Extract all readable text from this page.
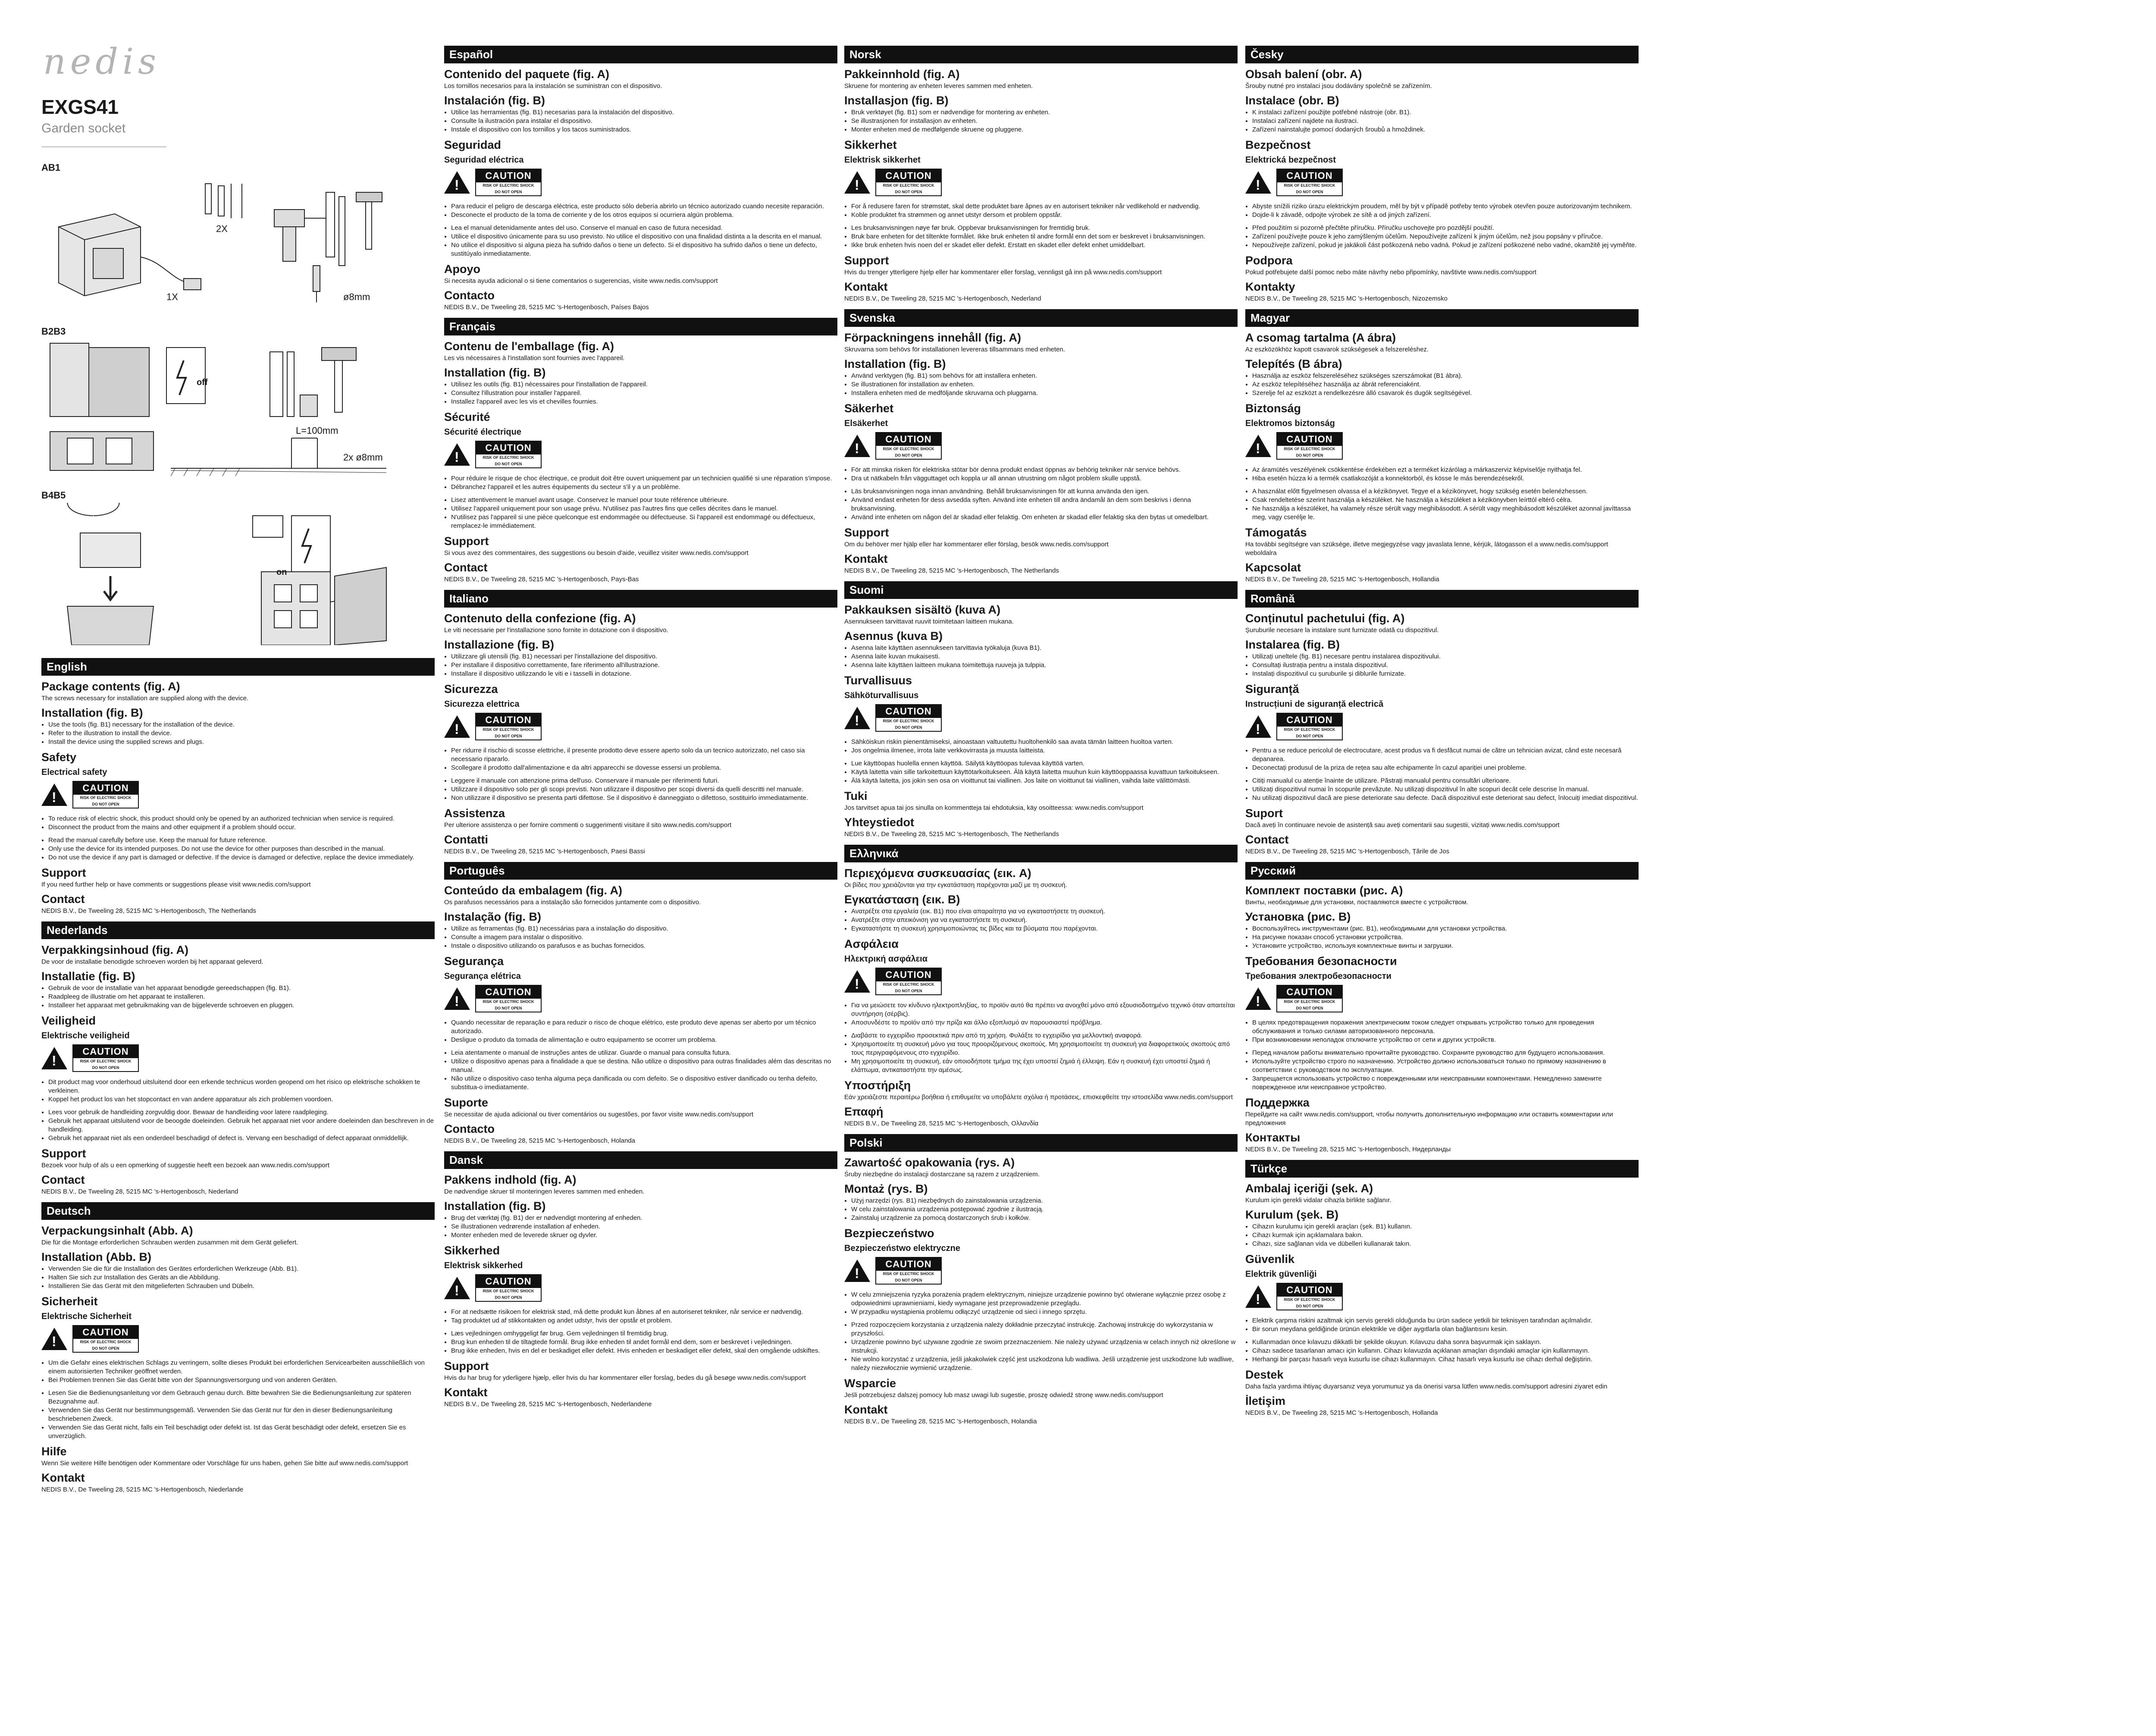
nedis
EXGS41
Garden socket
AB1
2X
1X	ø8mm
B2B3
off
L=100mm
2x ø8mm
B4B5
on
English
Package contents (fig. A)
The screws necessary for installation are supplied along with the device.
Installation (fig. B)
• Use the tools (fig. B1) necessary for the installation of the device.
• Refer to the illustration to install the device.
• Install the device using the supplied screws and plugs.
Safety
Electrical safety
!
CAUTION
RISK OF ELECTRIC SHOCK
DO NOT OPEN
• To reduce risk of electric shock, this product should only be opened by an authorized technician when service is required.
• Disconnect the product from the mains and other equipment if a problem should occur.
• Read the manual carefully before use. Keep the manual for future reference.
• Only use the device for its intended purposes. Do not use the device for other purposes than described in the manual.
• Do not use the device if any part is damaged or defective. If the device is damaged or defective, replace the device immediately.
Support
If you need further help or have comments or suggestions please visit www.nedis.com/support
Contact
NEDIS B.V., De Tweeling 28, 5215 MC 's-Hertogenbosch, The Netherlands
Nederlands
Verpakkingsinhoud (fig. A)
De voor de installatie benodigde schroeven worden bij het apparaat geleverd.
Installatie (fig. B)
• Gebruik de voor de installatie van het apparaat benodigde gereedschappen (fig. B1).
• Raadpleeg de illustratie om het apparaat te installeren.
• Installeer het apparaat met gebruikmaking van de bijgeleverde schroeven en pluggen.
Veiligheid
Elektrische veiligheid
!
CAUTION
RISK OF ELECTRIC SHOCK
DO NOT OPEN
• Dit product mag voor onderhoud uitsluitend door een erkende technicus worden geopend om het risico op elektrische schokken te verkleinen.
• Koppel het product los van het stopcontact en van andere apparatuur als zich problemen voordoen.
• Lees voor gebruik de handleiding zorgvuldig door. Bewaar de handleiding voor latere raadpleging.
• Gebruik het apparaat uitsluitend voor de beoogde doeleinden. Gebruik het apparaat niet voor andere doeleinden dan beschreven in de handleiding.
• Gebruik het apparaat niet als een onderdeel beschadigd of defect is. Vervang een beschadigd of defect apparaat onmiddellijk.
Support
Bezoek voor hulp of als u een opmerking of suggestie heeft een bezoek aan www.nedis.com/support
Contact
NEDIS B.V., De Tweeling 28, 5215 MC 's-Hertogenbosch, Nederland
Deutsch
Verpackungsinhalt (Abb. A)
Die für die Montage erforderlichen Schrauben werden zusammen mit dem Gerät geliefert.
Installation (Abb. B)
• Verwenden Sie die für die Installation des Gerätes erforderlichen Werkzeuge (Abb. B1).
• Halten Sie sich zur Installation des Geräts an die Abbildung.
• Installieren Sie das Gerät mit den mitgelieferten Schrauben und Dübeln.
Sicherheit
Elektrische Sicherheit
!
CAUTION
RISK OF ELECTRIC SHOCK
DO NOT OPEN
• Um die Gefahr eines elektrischen Schlags zu verringern, sollte dieses Produkt bei erforderlichen Servicearbeiten ausschließlich von einem autorisierten Techniker geöffnet werden.
• Bei Problemen trennen Sie das Gerät bitte von der Spannungsversorgung und von anderen Geräten.
• Lesen Sie die Bedienungsanleitung vor dem Gebrauch genau durch. Bitte bewahren Sie die Bedienungsanleitung zur späteren Bezugnahme auf.
• Verwenden Sie das Gerät nur bestimmungsgemäß. Verwenden Sie das Gerät nur für den in dieser Bedienungsanleitung beschriebenen Zweck.
• Verwenden Sie das Gerät nicht, falls ein Teil beschädigt oder defekt ist. Ist das Gerät beschädigt oder defekt, ersetzen Sie es unverzüglich.
Hilfe
Wenn Sie weitere Hilfe benötigen oder Kommentare oder Vorschläge für uns haben, gehen Sie bitte auf www.nedis.com/support
Kontakt
NEDIS B.V., De Tweeling 28, 5215 MC 's-Hertogenbosch, Niederlande
Español
Contenido del paquete (fig. A)
Los tornillos necesarios para la instalación se suministran con el dispositivo.
Instalación (fig. B)
• Utilice las herramientas (fig. B1) necesarias para la instalación del dispositivo.
• Consulte la ilustración para instalar el dispositivo.
• Instale el dispositivo con los tornillos y los tacos suministrados.
Seguridad
Seguridad eléctrica
!
CAUTION
RISK OF ELECTRIC SHOCK
DO NOT OPEN
• Para reducir el peligro de descarga eléctrica, este producto sólo debería abrirlo un técnico autorizado cuando necesite reparación.
• Desconecte el producto de la toma de corriente y de los otros equipos si ocurriera algún problema.
• Lea el manual detenidamente antes del uso. Conserve el manual en caso de futura necesidad.
• Utilice el dispositivo únicamente para su uso previsto. No utilice el dispositivo con una finalidad distinta a la descrita en el manual.
• No utilice el dispositivo si alguna pieza ha sufrido daños o tiene un defecto. Si el dispositivo ha sufrido daños o tiene un defecto, sustitúyalo inmediatamente.
Apoyo
Si necesita ayuda adicional o si tiene comentarios o sugerencias, visite www.nedis.com/support
Contacto
NEDIS B.V., De Tweeling 28, 5215 MC 's-Hertogenbosch, Países Bajos
Français
Contenu de l'emballage (fig. A)
Les vis nécessaires à l'installation sont fournies avec l'appareil.
Installation (fig. B)
• Utilisez les outils (fig. B1) nécessaires pour l'installation de l'appareil.
• Consultez l'illustration pour installer l'appareil.
• Installez l'appareil avec les vis et chevilles fournies.
Sécurité
Sécurité électrique
!
CAUTION
RISK OF ELECTRIC SHOCK
DO NOT OPEN
• Pour réduire le risque de choc électrique, ce produit doit être ouvert uniquement par un technicien qualifié si une réparation s'impose.
• Débranchez l'appareil et les autres équipements du secteur s'il y a un problème.
• Lisez attentivement le manuel avant usage. Conservez le manuel pour toute référence ultérieure.
• Utilisez l'appareil uniquement pour son usage prévu. N'utilisez pas l'autres fins que celles décrites dans le manuel.
• N'utilisez pas l'appareil si une pièce quelconque est endommagée ou défectueuse. Si l'appareil est endommagé ou défectueux, remplacez-le immédiatement.
Support
Si vous avez des commentaires, des suggestions ou besoin d'aide, veuillez visiter www.nedis.com/support
Contact
NEDIS B.V., De Tweeling 28, 5215 MC 's-Hertogenbosch, Pays-Bas
Italiano
Contenuto della confezione (fig. A)
Le viti necessarie per l'installazione sono fornite in dotazione con il dispositivo.
Installazione (fig. B)
• Utilizzare gli utensili (fig. B1) necessari per l'installazione del dispositivo.
• Per installare il dispositivo correttamente, fare riferimento all'illustrazione.
• Installare il dispositivo utilizzando le viti e i tasselli in dotazione.
Sicurezza
Sicurezza elettrica
!
CAUTION
RISK OF ELECTRIC SHOCK
DO NOT OPEN
• Per ridurre il rischio di scosse elettriche, il presente prodotto deve essere aperto solo da un tecnico autorizzato, nel caso sia necessario ripararlo.
• Scollegare il prodotto dall'alimentazione e da altri apparecchi se dovesse essersi un problema.
• Leggere il manuale con attenzione prima dell'uso. Conservare il manuale per riferimenti futuri.
• Utilizzare il dispositivo solo per gli scopi previsti. Non utilizzare il dispositivo per scopi diversi da quelli descritti nel manuale.
• Non utilizzare il dispositivo se presenta parti difettose. Se il dispositivo è danneggiato o difettoso, sostituirlo immediatamente.
Assistenza
Per ulteriore assistenza o per fornire commenti o suggerimenti visitare il sito www.nedis.com/support
Contatti
NEDIS B.V., De Tweeling 28, 5215 MC 's-Hertogenbosch, Paesi Bassi
Português
Conteúdo da embalagem (fig. A)
Os parafusos necessários para a instalação são fornecidos juntamente com o dispositivo.
Instalação (fig. B)
• Utilize as ferramentas (fig. B1) necessárias para a instalação do dispositivo.
• Consulte a imagem para instalar o dispositivo.
• Instale o dispositivo utilizando os parafusos e as buchas fornecidos.
Segurança
Segurança elétrica
!
CAUTION
RISK OF ELECTRIC SHOCK
DO NOT OPEN
• Quando necessitar de reparação e para reduzir o risco de choque elétrico, este produto deve apenas ser aberto por um técnico autorizado.
• Desligue o produto da tomada de alimentação e outro equipamento se ocorrer um problema.
• Leia atentamente o manual de instruções antes de utilizar. Guarde o manual para consulta futura.
• Utilize o dispositivo apenas para a finalidade a que se destina. Não utilize o dispositivo para outras finalidades além das descritas no manual.
• Não utilize o dispositivo caso tenha alguma peça danificada ou com defeito. Se o dispositivo estiver danificado ou tenha defeito, substitua-o imediatamente.
Suporte
Se necessitar de ajuda adicional ou tiver comentários ou sugestões, por favor visite www.nedis.com/support
Contacto
NEDIS B.V., De Tweeling 28, 5215 MC 's-Hertogenbosch, Holanda
Dansk
Pakkens indhold (fig. A)
De nødvendige skruer til monteringen leveres sammen med enheden.
Installation (fig. B)
• Brug det værktøj (fig. B1) der er nødvendigt montering af enheden.
• Se illustrationen vedrørende installation af enheden.
• Monter enheden med de leverede skruer og dyvler.
Sikkerhed
Elektrisk sikkerhed
!
CAUTION
RISK OF ELECTRIC SHOCK
DO NOT OPEN
• For at nedsætte risikoen for elektrisk stød, må dette produkt kun åbnes af en autoriseret tekniker, når service er nødvendig.
• Tag produktet ud af stikkontakten og andet udstyr, hvis der opstår et problem.
• Læs vejledningen omhyggeligt før brug. Gem vejledningen til fremtidig brug.
• Brug kun enheden til de tiltagtede formål. Brug ikke enheden til andet formål end dem, som er beskrevet i vejledningen.
• Brug ikke enheden, hvis en del er beskadiget eller defekt. Hvis enheden er beskadiget eller defekt, skal den omgående udskiftes.
Support
Hvis du har brug for yderligere hjælp, eller hvis du har kommentarer eller forslag, bedes du gå besøge www.nedis.com/support
Kontakt
NEDIS B.V., De Tweeling 28, 5215 MC 's-Hertogenbosch, Nederlandene
Norsk
Pakkeinnhold (fig. A)
Skruene for montering av enheten leveres sammen med enheten.
Installasjon (fig. B)
• Bruk verktøyet (fig. B1) som er nødvendige for montering av enheten.
• Se illustrasjonen for installasjon av enheten.
• Monter enheten med de medfølgende skruene og pluggene.
Sikkerhet
Elektrisk sikkerhet
!
CAUTION
RISK OF ELECTRIC SHOCK
DO NOT OPEN
• For å redusere faren for strømstøt, skal dette produktet bare åpnes av en autorisert tekniker når vedlikehold er nødvendig.
• Koble produktet fra strømmen og annet utstyr dersom et problem oppstår.
• Les bruksanvisningen nøye før bruk. Oppbevar bruksanvisningen for fremtidig bruk.
• Bruk bare enheten for det tiltenkte formålet. Ikke bruk enheten til andre formål enn det som er beskrevet i bruksanvisningen.
• Ikke bruk enheten hvis noen del er skadet eller defekt. Erstatt en skadet eller defekt enhet umiddelbart.
Support
Hvis du trenger ytterligere hjelp eller har kommentarer eller forslag, vennligst gå inn på www.nedis.com/support
Kontakt
NEDIS B.V., De Tweeling 28, 5215 MC 's-Hertogenbosch, Nederland
Svenska
Förpackningens innehåll (fig. A)
Skruvarna som behövs för installationen levereras tillsammans med enheten.
Installation (fig. B)
• Använd verktygen (fig. B1) som behövs för att installera enheten.
• Se illustrationen för installation av enheten.
• Installera enheten med de medföljande skruvarna och pluggarna.
Säkerhet
Elsäkerhet
!
CAUTION
RISK OF ELECTRIC SHOCK
DO NOT OPEN
• För att minska risken för elektriska stötar bör denna produkt endast öppnas av behörig tekniker när service behövs.
• Dra ut nätkabeln från vägguttaget och koppla ur all annan utrustning om något problem skulle uppstå.
• Läs bruksanvisningen noga innan användning. Behåll bruksanvisningen för att kunna använda den igen.
• Använd endast enheten för dess avsedda syften. Använd inte enheten till andra ändamål än dem som beskrivs i denna bruksanvisning.
• Använd inte enheten om någon del är skadad eller felaktig. Om enheten är skadad eller felaktig ska den bytas ut omedelbart.
Support
Om du behöver mer hjälp eller har kommentarer eller förslag, besök www.nedis.com/support
Kontakt
NEDIS B.V., De Tweeling 28, 5215 MC 's-Hertogenbosch, The Netherlands
Suomi
Pakkauksen sisältö (kuva A)
Asennukseen tarvittavat ruuvit toimitetaan laitteen mukana.
Asennus (kuva B)
• Asenna laite käyttäen asennukseen tarvittavia työkaluja (kuva B1).
• Asenna laite kuvan mukaisesti.
• Asenna laite käyttäen laitteen mukana toimitettuja ruuveja ja tulppia.
Turvallisuus
Sähköturvallisuus
!
CAUTION
RISK OF ELECTRIC SHOCK
DO NOT OPEN
• Sähköiskun riskin pienentämiseksi, ainoastaan valtuutettu huoltohenkilö saa avata tämän laitteen huoltoa varten.
• Jos ongelmia ilmenee, irrota laite verkkovirrasta ja muusta laitteista.
• Lue käyttöopas huolella ennen käyttöä. Säilytä käyttöopas tulevaa käyttöä varten.
• Käytä laitetta vain sille tarkoitettuun käyttötarkoitukseen. Älä käytä laitetta muuhun kuin käyttöoppaassa kuvattuun tarkoitukseen.
• Älä käytä laitetta, jos jokin sen osa on vioittunut tai viallinen. Jos laite on vioittunut tai viallinen, vaihda laite välittömästi.
Tuki
Jos tarvitset apua tai jos sinulla on kommentteja tai ehdotuksia, käy osoitteessa: www.nedis.com/support
Yhteystiedot
NEDIS B.V., De Tweeling 28, 5215 MC 's-Hertogenbosch, The Netherlands
Ελληνικά
Περιεχόμενα συσκευασίας (εικ. A)
Οι βίδες που χρειάζονται για την εγκατάσταση παρέχονται μαζί με τη συσκευή.
Εγκατάσταση (εικ. B)
• Ανατρέξτε στα εργαλεία (εικ. B1) που είναι απαραίτητα για να εγκαταστήσετε τη συσκευή.
• Ανατρέξτε στην απεικόνιση για να εγκαταστήσετε τη συσκευή.
• Εγκαταστήστε τη συσκευή χρησιμοποιώντας τις βίδες και τα βύσματα που παρέχονται.
Ασφάλεια
Ηλεκτρική ασφάλεια
!
CAUTION
RISK OF ELECTRIC SHOCK
DO NOT OPEN
• Για να μειώσετε τον κίνδυνο ηλεκτροπληξίας, το προϊόν αυτό θα πρέπει να ανοιχθεί μόνο από εξουσιοδοτημένο τεχνικό όταν απαιτείται συντήρηση (σέρβις).
• Αποσυνδέστε το προϊόν από την πρίζα και άλλο εξοπλισμό αν παρουσιαστεί πρόβλημα.
• Διαβάστε το εγχειρίδιο προσεκτικά πριν από τη χρήση. Φυλάξτε το εγχειρίδιο για μελλοντική αναφορά.
• Χρησιμοποιείτε τη συσκευή μόνο για τους προοριζόμενους σκοπούς. Μη χρησιμοποιείτε τη συσκευή για διαφορετικούς σκοπούς από τους περιγραφόμενους στο εγχειρίδιο.
• Μη χρησιμοποιείτε τη συσκευή, εάν οποιοδήποτε τμήμα της έχει υποστεί ζημιά ή έλλειψη. Εάν η συσκευή έχει υποστεί ζημιά ή ελάττωμα, αντικαταστήστε την αμέσως.
Υποστήριξη
Εάν χρειάζεστε περαιτέρω βοήθεια ή επιθυμείτε να υποβάλετε σχόλια ή προτάσεις, επισκεφθείτε την ιστοσελίδα www.nedis.com/support
Επαφή
NEDIS B.V., De Tweeling 28, 5215 MC 's-Hertogenbosch, Ολλανδία
Polski
Zawartość opakowania (rys. A)
Śruby niezbędne do instalacji dostarczane są razem z urządzeniem.
Montaż (rys. B)
• Użyj narzędzi (rys. B1) niezbędnych do zainstalowania urządzenia.
• W celu zainstalowania urządzenia postępować zgodnie z ilustracją.
• Zainstaluj urządzenie za pomocą dostarczonych śrub i kołków.
Bezpieczeństwo
Bezpieczeństwo elektryczne
!
CAUTION
RISK OF ELECTRIC SHOCK
DO NOT OPEN
• W celu zmniejszenia ryzyka porażenia prądem elektrycznym, niniejsze urządzenie powinno być otwierane wyłącznie przez osobę z odpowiednimi uprawnieniami, kiedy wymagane jest przeprowadzenie przeglądu.
• W przypadku wystąpienia problemu odłączyć urządzenie od sieci i innego sprzętu.
• Przed rozpoczęciem korzystania z urządzenia należy dokładnie przeczytać instrukcję. Zachowaj instrukcję do wykorzystania w przyszłości.
• Urządzenie powinno być używane zgodnie ze swoim przeznaczeniem. Nie należy używać urządzenia w celach innych niż określone w instrukcji.
• Nie wolno korzystać z urządzenia, jeśli jakakolwiek część jest uszkodzona lub wadliwa. Jeśli urządzenie jest uszkodzone lub wadliwe, należy niezwłocznie wymienić urządzenie.
Wsparcie
Jeśli potrzebujesz dalszej pomocy lub masz uwagi lub sugestie, proszę odwiedź stronę www.nedis.com/support
Kontakt
NEDIS B.V., De Tweeling 28, 5215 MC 's-Hertogenbosch, Holandia
Česky
Obsah balení (obr. A)
Šrouby nutné pro instalaci jsou dodávány společně se zařízením.
Instalace (obr. B)
• K instalaci zařízení použijte potřebné nástroje (obr. B1).
• Instalaci zařízení najdete na ilustraci.
• Zařízení nainstalujte pomocí dodaných šroubů a hmoždinek.
Bezpečnost
Elektrická bezpečnost
!
CAUTION
RISK OF ELECTRIC SHOCK
DO NOT OPEN
• Abyste snížili riziko úrazu elektrickým proudem, měl by být v případě potřeby tento výrobek otevřen pouze autorizovaným technikem.
• Dojde-li k závadě, odpojte výrobek ze sítě a od jiných zařízení.
• Před použitím si pozorně přečtěte příručku. Příručku uschovejte pro pozdější použití.
• Zařízení používejte pouze k jeho zamýšleným účelům. Nepoužívejte zařízení k jiným účelům, než jsou popsány v příručce.
• Nepoužívejte zařízení, pokud je jakákoli část poškozená nebo vadná. Pokud je zařízení poškozené nebo vadné, okamžitě jej vyměňte.
Podpora
Pokud potřebujete další pomoc nebo máte návrhy nebo připomínky, navštivte www.nedis.com/support
Kontakty
NEDIS B.V., De Tweeling 28, 5215 MC 's-Hertogenbosch, Nizozemsko
Magyar
A csomag tartalma (A ábra)
Az eszközökhöz kapott csavarok szükségesek a felszereléshez.
Telepítés (B ábra)
• Használja az eszköz felszereléséhez szükséges szerszámokat (B1 ábra).
• Az eszköz telepítéséhez használja az ábrát referenciaként.
• Szerelje fel az eszközt a rendelkezésre álló csavarok és dugók segítségével.
Biztonság
Elektromos biztonság
!
CAUTION
RISK OF ELECTRIC SHOCK
DO NOT OPEN
• Az áramütés veszélyének csökkentése érdekében ezt a terméket kizárólag a márkaszerviz képviselője nyithatja fel.
• Hiba esetén húzza ki a termék csatlakozóját a konnektorból, és kösse le más berendezésekről.
• A használat előtt figyelmesen olvassa el a kézikönyvet. Tegye el a kézikönyvet, hogy szükség esetén belenézhessen.
• Csak rendeltetése szerint használja a készüléket. Ne használja a készüléket a kézikönyvben leírttól eltérő célra.
• Ne használja a készüléket, ha valamely része sérült vagy meghibásodott. A sérült vagy meghibásodott készüléket azonnal javíttassa meg, vagy cserélje le.
Támogatás
Ha további segítségre van szüksége, illetve megjegyzése vagy javaslata lenne, kérjük, látogasson el a www.nedis.com/support weboldalra
Kapcsolat
NEDIS B.V., De Tweeling 28, 5215 MC 's-Hertogenbosch, Hollandia
Română
Conținutul pachetului (fig. A)
Șuruburile necesare la instalare sunt furnizate odată cu dispozitivul.
Instalarea (fig. B)
• Utilizați uneltele (fig. B1) necesare pentru instalarea dispozitivului.
• Consultați ilustrația pentru a instala dispozitivul.
• Instalați dispozitivul cu șuruburile și diblurile furnizate.
Siguranță
Instrucțiuni de siguranță electrică
!
CAUTION
RISK OF ELECTRIC SHOCK
DO NOT OPEN
• Pentru a se reduce pericolul de electrocutare, acest produs va fi desfăcut numai de către un tehnician avizat, când este necesară depanarea.
• Deconectați produsul de la priza de rețea sau alte echipamente în cazul apariției unei probleme.
• Citiți manualul cu atenție înainte de utilizare. Păstrați manualul pentru consultări ulterioare.
• Utilizați dispozitivul numai în scopurile prevăzute. Nu utilizați dispozitivul în alte scopuri decât cele descrise în manual.
• Nu utilizați dispozitivul dacă are piese deteriorate sau defecte. Dacă dispozitivul este deteriorat sau defect, înlocuiți imediat dispozitivul.
Suport
Dacă aveți în continuare nevoie de asistență sau aveți comentarii sau sugestii, vizitați www.nedis.com/support
Contact
NEDIS B.V., De Tweeling 28, 5215 MC 's-Hertogenbosch, Țările de Jos
Русский
Комплект поставки (рис. A)
Винты, необходимые для установки, поставляются вместе с устройством.
Установка (рис. B)
• Воспользуйтесь инструментами (рис. B1), необходимыми для установки устройства.
• На рисунке показан способ установки устройства.
• Установите устройство, используя комплектные винты и загрушки.
Требования безопасности
Требования электробезопасности
!
CAUTION
RISK OF ELECTRIC SHOCK
DO NOT OPEN
• В целях предотвращения поражения электрическим током следует открывать устройство только для проведения обслуживания и только силами авторизованного персонала.
• При возникновении неполадок отключите устройство от сети и других устройств.
• Перед началом работы внимательно прочитайте руководство. Сохраните руководство для будущего использования.
• Используйте устройство строго по назначению. Устройство должно использоваться только по прямому назначению в соответствии с руководством по эксплуатации.
• Запрещается использовать устройство с поврежденными или неисправными компонентами. Немедленно замените поврежденное или неисправное устройство.
Поддержка
Перейдите на сайт www.nedis.com/support, чтобы получить дополнительную информацию или оставить комментарии или предложения
Контакты
NEDIS B.V., De Tweeling 28, 5215 MC 's-Hertogenbosch, Нидерланды
Türkçe
Ambalaj içeriği (şek. A)
Kurulum için gerekli vidalar cihazla birlikte sağlanır.
Kurulum (şek. B)
• Cihazın kurulumu için gerekli araçları (şek. B1) kullanın.
• Cihazı kurmak için açıklamalara bakın.
• Cihazı, size sağlanan vida ve dübelleri kullanarak takın.
Güvenlik
Elektrik güvenliği
!
CAUTION
RISK OF ELECTRIC SHOCK
DO NOT OPEN
• Elektrik çarpma riskini azaltmak için servis gerekli olduğunda bu ürün sadece yetkili bir teknisyen tarafından açılmalıdır.
• Bir sorun meydana geldiğinde ürünün elektrikle ve diğer aygıtlarla olan bağlantısını kesin.
• Kullanmadan önce kılavuzu dikkatli bir şekilde okuyun. Kılavuzu daha sonra başvurmak için saklayın.
• Cihazı sadece tasarlanan amacı için kullanın. Cihazı kılavuzda açıklanan amaçları dışındaki amaçlar için kullanmayın.
• Herhangi bir parçası hasarlı veya kusurlu ise cihazı kullanmayın. Cihaz hasarlı veya kusurlu ise cihazı derhal değiştirin.
Destek
Daha fazla yardıma ihtiyaç duyarsanız veya yorumunuz ya da önerisi varsa lütfen www.nedis.com/support adresini ziyaret edin
İletişim
NEDIS B.V., De Tweeling 28, 5215 MC 's-Hertogenbosch, Hollanda
